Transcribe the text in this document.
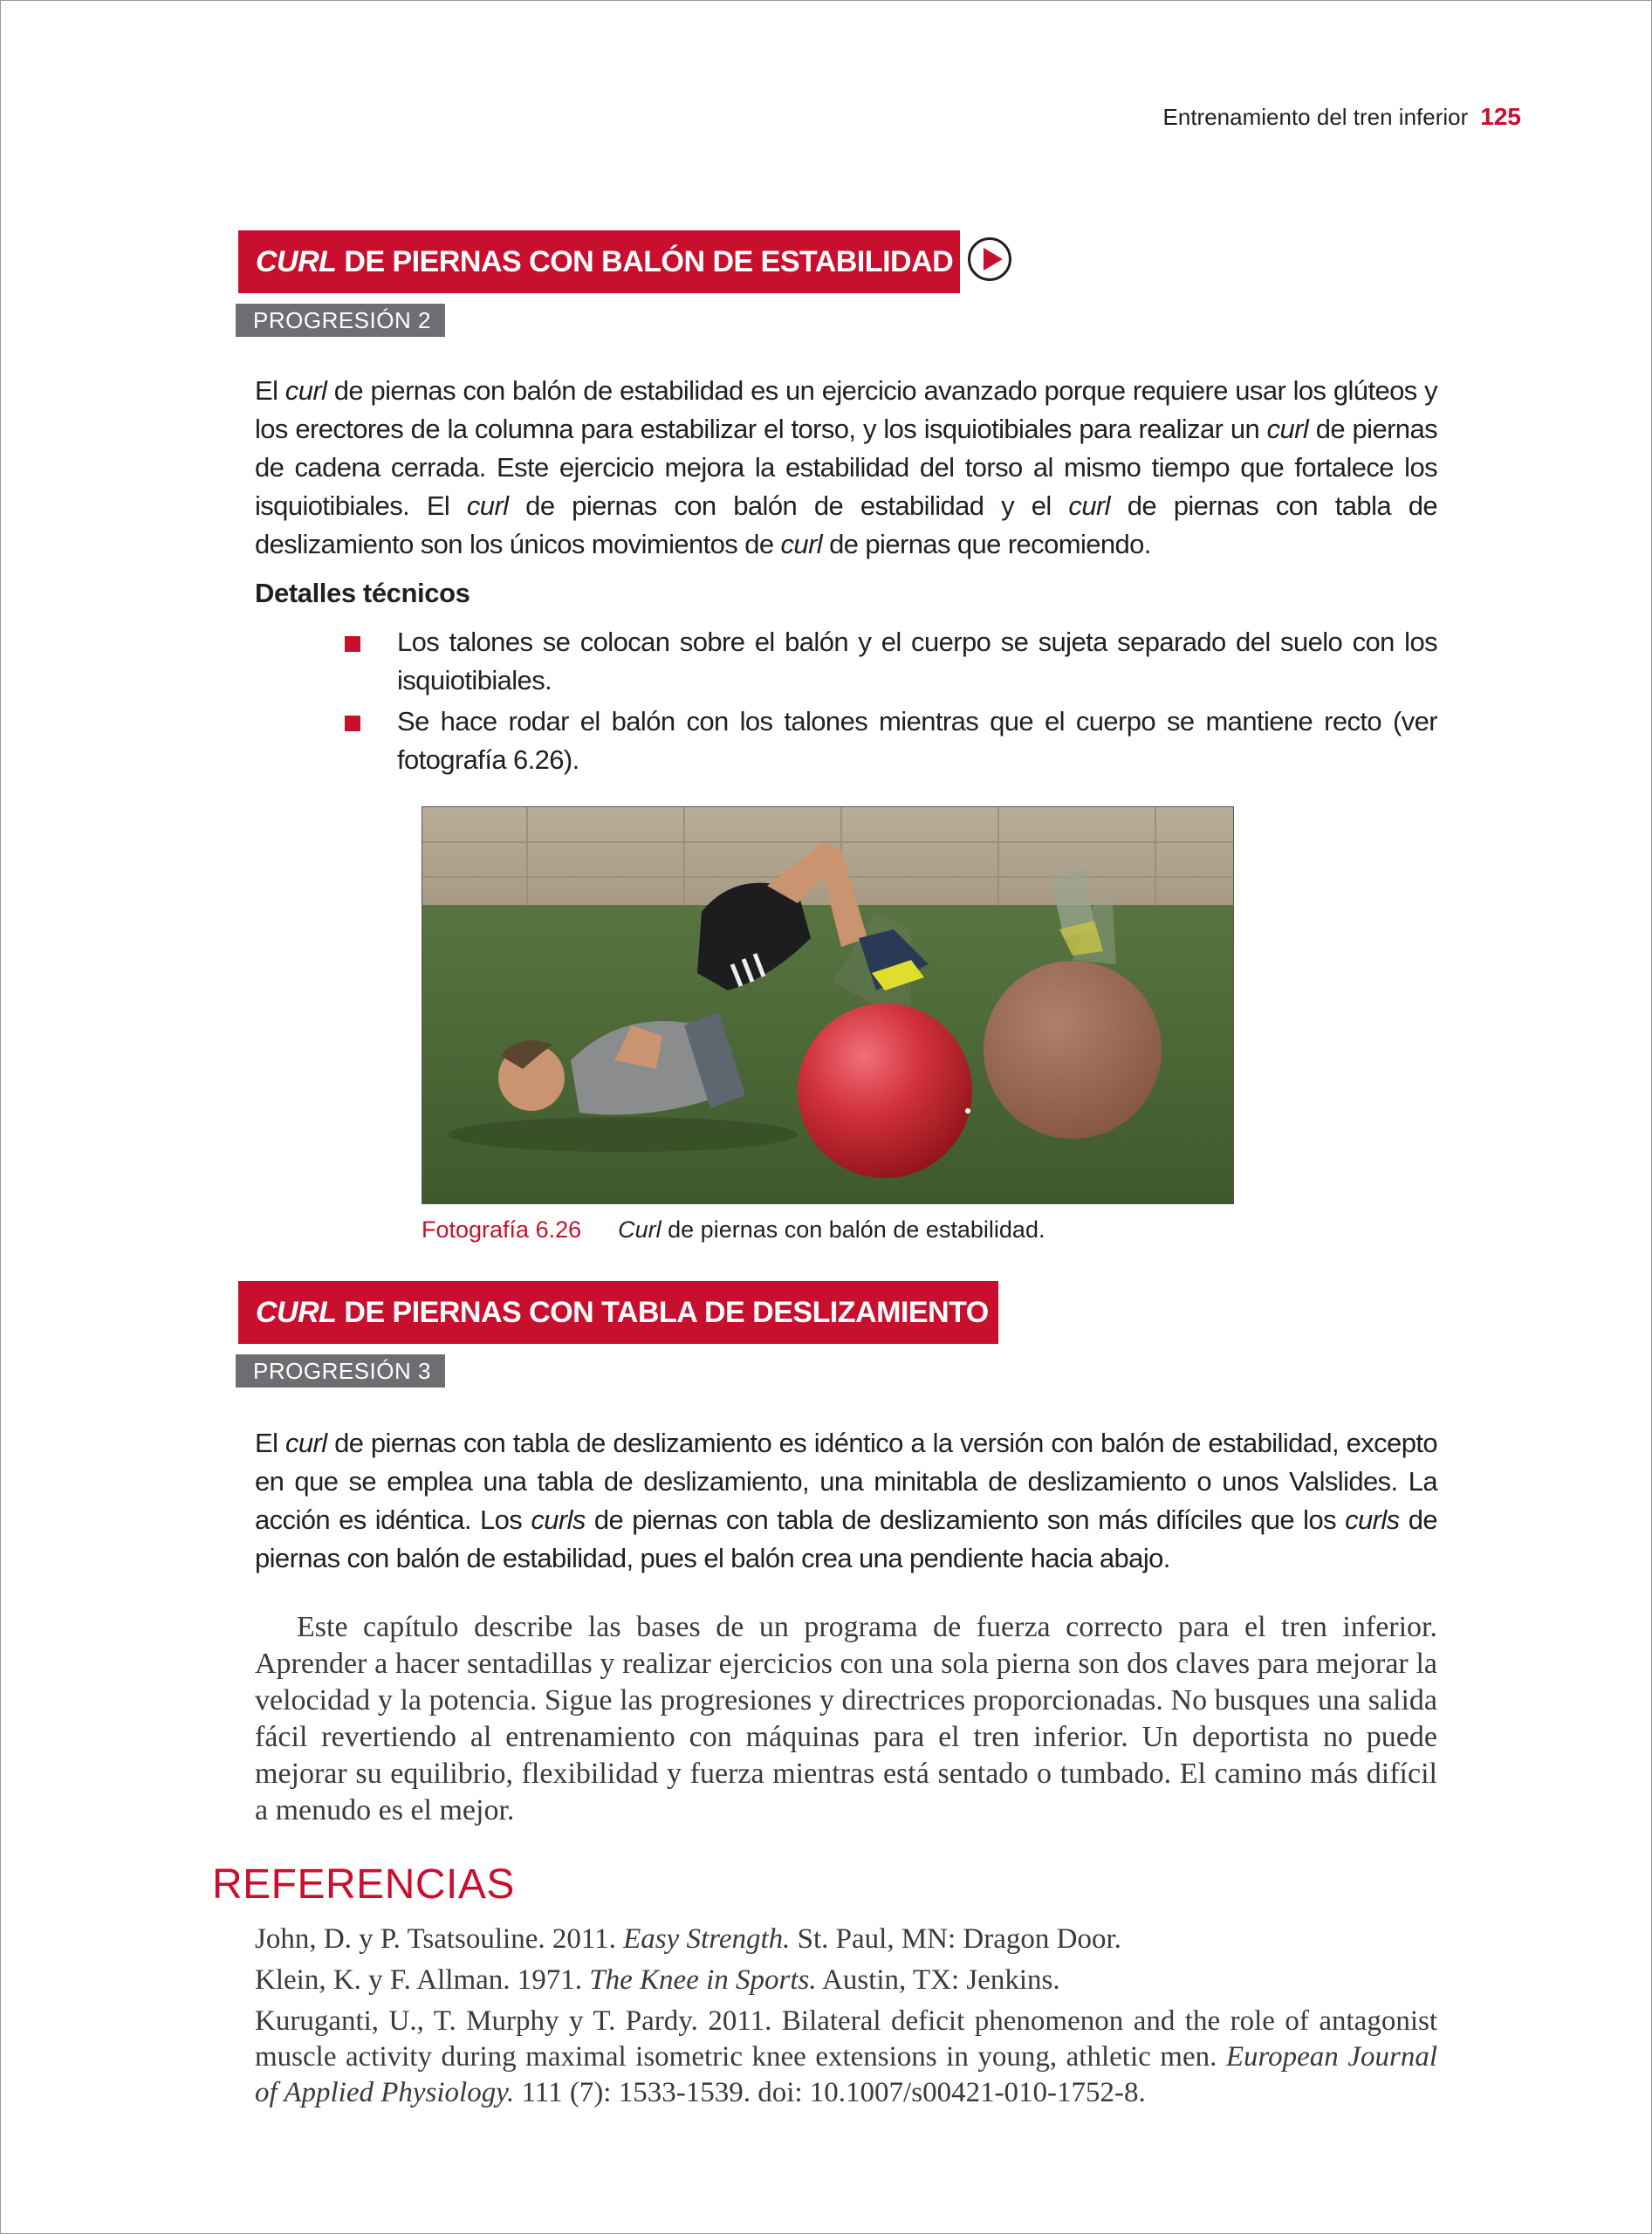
Entrenamiento del tren inferior 125
CURL DE PIERNAS CON BALÓN DE ESTABILIDAD
PROGRESIÓN 2

El curl de piernas con balón de estabilidad es un ejercicio avanzado porque requiere usar los glúteos y los erectores de la columna para estabilizar el torso, y los isquiotibiales para realizar un curl de piernas de cadena cerrada. Este ejercicio mejora la estabilidad del torso al mismo tiempo que fortalece los isquiotibiales. El curl de piernas con balón de estabilidad y el curl de piernas con tabla de deslizamiento son los únicos movimientos de curl de piernas que recomiendo.

Detalles técnicos
Los talones se colocan sobre el balón y el cuerpo se sujeta separado del suelo con los isquiotibiales.
Se hace rodar el balón con los talones mientras que el cuerpo se mantiene recto (ver fotografía 6.26).
Fotografía 6.26 Curl de piernas con balón de estabilidad.
CURL DE PIERNAS CON TABLA DE DESLIZAMIENTO
PROGRESIÓN 3

El curl de piernas con tabla de deslizamiento es idéntico a la versión con balón de estabilidad, excepto en que se emplea una tabla de deslizamiento, una minitabla de deslizamiento o unos Valslides. La acción es idéntica. Los curls de piernas con tabla de deslizamiento son más difíciles que los curls de piernas con balón de estabilidad, pues el balón crea una pendiente hacia abajo.

Este capítulo describe las bases de un programa de fuerza correcto para el tren inferior. Aprender a hacer sentadillas y realizar ejercicios con una sola pierna son dos claves para mejorar la velocidad y la potencia. Sigue las progresiones y directrices proporcionadas. No busques una salida fácil revertiendo al entrenamiento con máquinas para el tren inferior. Un deportista no puede mejorar su equilibrio, flexibilidad y fuerza mientras está sentado o tumbado. El camino más difícil a menudo es el mejor.

REFERENCIAS
John, D. y P. Tsatsouline. 2011. Easy Strength. St. Paul, MN: Dragon Door.
Klein, K. y F. Allman. 1971. The Knee in Sports. Austin, TX: Jenkins.
Kuruganti, U., T. Murphy y T. Pardy. 2011. Bilateral deficit phenomenon and the role of antagonist muscle activity during maximal isometric knee extensions in young, athletic men. European Journal of Applied Physiology. 111 (7): 1533-1539. doi: 10.1007/s00421-010-1752-8.
